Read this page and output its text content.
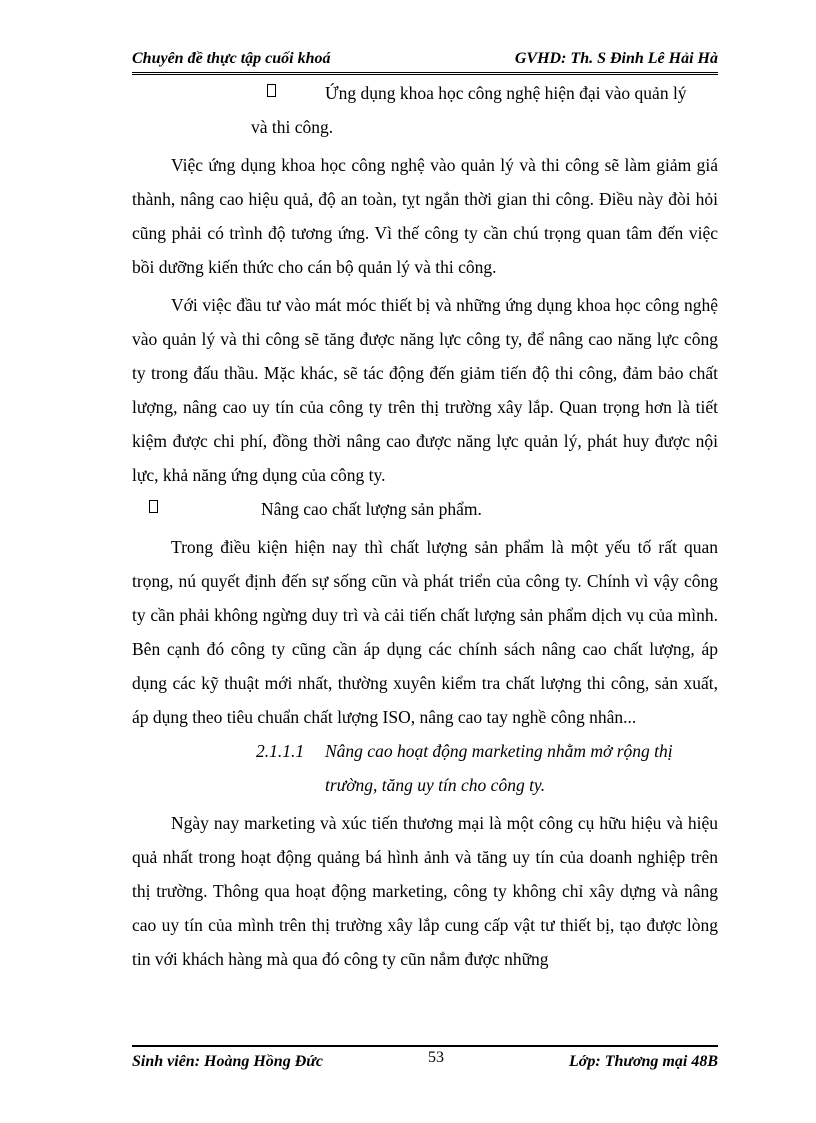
Chuyên đề thực tập cuối khoá	GVHD: Th. S Đinh Lê Hải Hà
Ứng dụng khoa học công nghệ hiện đại vào quản lý
và thi công.

Việc ứng dụng khoa học công nghệ vào quản lý và thi công sẽ làm giảm giá thành, nâng cao hiệu quả, độ an toàn, tỵt ngắn thời gian thi công. Điều này đòi hỏi cũng phải có trình độ tương ứng. Vì thế công ty cần chú trọng quan tâm đến việc bồi dưỡng kiến thức cho cán bộ quản lý và thi công.

Với việc đầu tư vào mát móc thiết bị và những ứng dụng khoa học công nghệ vào quản lý và thi công sẽ tăng được năng lực công ty, để nâng cao năng lực công ty trong đấu thầu. Mặc khác, sẽ tác động đến giảm tiến độ thi công, đảm bảo chất lượng, nâng cao uy tín của công ty trên thị trường xây lắp. Quan trọng hơn là tiết kiệm được chi phí, đồng thời nâng cao được năng lực quản lý, phát huy được nội lực, khả năng ứng dụng của công ty.

Nâng cao chất lượng sản phẩm.

Trong điều kiện hiện nay thì chất lượng sản phẩm là một yếu tố rất quan trọng, nú quyết định đến sự sống cũn và phát triển của công ty. Chính vì vậy công ty cần phải không ngừng duy trì và cải tiến chất lượng sản phẩm dịch vụ của mình. Bên cạnh đó công ty cũng cần áp dụng các chính sách nâng cao chất lượng, áp dụng các kỹ thuật mới nhất, thường xuyên kiểm tra chất lượng thi công, sản xuất, áp dụng theo tiêu chuẩn chất lượng ISO, nâng cao tay nghề công nhân...

2.1.1.1 Nâng cao hoạt động marketing nhằm mở rộng thị
trường, tăng uy tín cho công ty.

Ngày nay marketing và xúc tiến thương mại là một công cụ hữu hiệu và hiệu quả nhất trong hoạt động quảng bá hình ảnh và tăng uy tín của doanh nghiệp trên thị trường. Thông qua hoạt động marketing, công ty không chỉ xây dựng và nâng cao uy tín của mình trên thị trường xây lắp cung cấp vật tư thiết bị, tạo được lòng tin với khách hàng mà qua đó công ty cũn nắm được những

Sinh viên: Hoàng Hồng Đức	53	Lớp: Thương mại 48B
